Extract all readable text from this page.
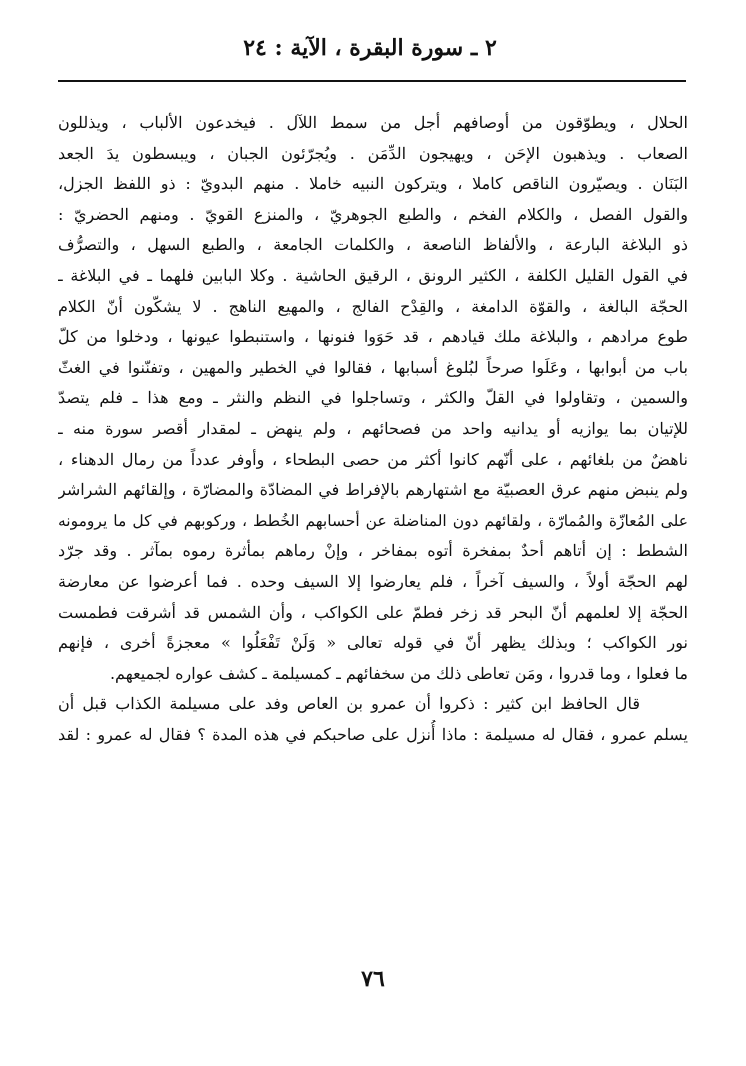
٢ ـ سورة البقرة ، الآية : ٢٤
الحلال ، ويطوّقون من أوصافهم أجل من سمط اللآل . فيخدعون الألباب ، ويذللون
الصعاب . ويذهبون الإحَن ، ويهيجون الدِّمَن . ويُجرّئون الجبان ، ويبسطون يدَ الجعد
البَنَان . ويصيّرون الناقص كاملا ، ويتركون النبيه خاملا . منهم البدويّ : ذو اللفظ الجزل،
والقول الفصل ، والكلام الفخم ، والطبع الجوهريّ ، والمنزع القويّ . ومنهم الحضريّ :
ذو البلاغة البارعة ، والألفاظ الناصعة ، والكلمات الجامعة ، والطبع السهل ، والتصرُّف
في القول القليل الكلفة ، الكثير الرونق ، الرقيق الحاشية . وكلا البابين فلهما ـ في البلاغة ـ
الحجّة البالغة ، والقوّة الدامغة ، والقِدْح الفالج ، والمهيع الناهج . لا يشكّون أنّ الكلام
طوع مرادهم ، والبلاغة ملك قيادهم ، قد حَوَوا فنونها ، واستنبطوا عيونها ، ودخلوا من كلّ
باب من أبوابها ، وعَلَوا صرحاً لبُلوغ أسبابها ، فقالوا في الخطير والمهين ، وتفنّنوا في الغثّ
والسمين ، وتقاولوا في القلّ والكثر ، وتساجلوا في النظم والنثر ـ ومع هذا ـ فلم يتصدّ
للإتيان بما يوازيه أو يدانيه واحد من فصحائهم ، ولم ينهض ـ لمقدار أقصر سورة منه ـ
ناهضٌ من بلغائهم ، على أنّهم كانوا أكثر من حصى البطحاء ، وأوفر عدداً من رمال الدهناء ،
ولم ينبض منهم عرق العصبيّة مع اشتهارهم بالإفراط في المضادّة والمضارّة ، وإلقائهم الشراشر
على المُعازّة والمُمارّة ، ولقائهم دون المناضلة عن أحسابهم الخُطط ، وركوبهم في كل ما يرومونه
الشطط : إن أتاهم أحدٌ بمفخرة أتوه بمفاخر ، وإنْ رماهم بمأثرة رموه بمآثر . وقد جرّد
لهم الحجّة أولاً ، والسيف آخراً ، فلم يعارضوا إلا السيف وحده . فما أعرضوا عن معارضة
الحجّة إلا لعلمهم أنّ البحر قد زخر فطمّ على الكواكب ، وأن الشمس قد أشرقت فطمست
نور الكواكب ؛ وبذلك يظهر أنّ في قوله تعالى « وَلَنْ تَفْعَلُوا » معجزةً أخرى ، فإنهم
ما فعلوا ، وما قدروا ، ومَن تعاطى ذلك من سخفائهم ـ كمسيلمة ـ كشف عواره لجميعهم.
قال الحافظ ابن كثير : ذكروا أن عمرو بن العاص وفد على مسيلمة الكذاب قبل أن
يسلم عمرو ، فقال له مسيلمة : ماذا أُنزل على صاحبكم في هذه المدة ؟ فقال له عمرو : لقد
٧٦
